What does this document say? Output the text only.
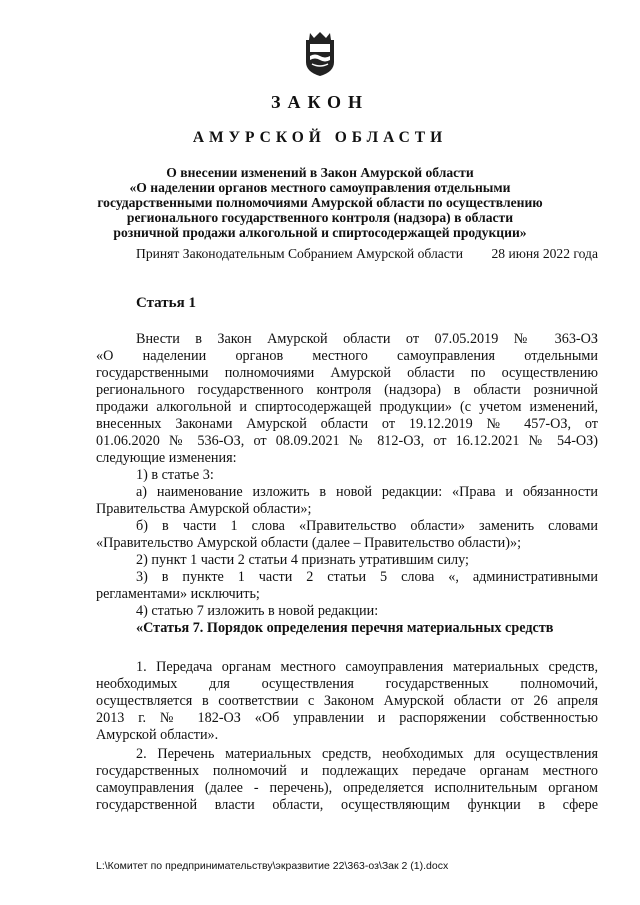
ЗАКОН
АМУРСКОЙ ОБЛАСТИ
О внесении изменений в Закон Амурской области
«О наделении органов местного самоуправления отдельными
государственными полномочиями Амурской области по осуществлению
регионального государственного контроля (надзора) в области
розничной продажи алкогольной и спиртосодержащей продукции»
Принят Законодательным Собранием Амурской области 28 июня 2022 года
Статья 1
Внести в Закон Амурской области от 07.05.2019 № 363-ОЗ
«О наделении органов местного самоуправления отдельными
государственными полномочиями Амурской области по осуществлению
регионального государственного контроля (надзора) в области розничной
продажи алкогольной и спиртосодержащей продукции» (с учетом изменений,
внесенных Законами Амурской области от 19.12.2019 № 457-ОЗ, от
01.06.2020 № 536-ОЗ, от 08.09.2021 № 812-ОЗ, от 16.12.2021 № 54-ОЗ)
следующие изменения:
1) в статье 3:
а) наименование изложить в новой редакции: «Права и обязанности
Правительства Амурской области»;
б) в части 1 слова «Правительство области» заменить словами
«Правительство Амурской области (далее – Правительство области)»;
2) пункт 1 части 2 статьи 4 признать утратившим силу;
3) в пункте 1 части 2 статьи 5 слова «, административными
регламентами» исключить;
4) статью 7 изложить в новой редакции:
«Статья 7. Порядок определения перечня материальных средств
1. Передача органам местного самоуправления материальных средств,
необходимых для осуществления государственных полномочий,
осуществляется в соответствии с Законом Амурской области от 26 апреля
2013 г. № 182-ОЗ «Об управлении и распоряжении собственностью
Амурской области».
2. Перечень материальных средств, необходимых для осуществления
государственных полномочий и подлежащих передаче органам местного
самоуправления (далее - перечень), определяется исполнительным органом
государственной власти области, осуществляющим функции в сфере
L:\Комитет по предпринимательству\экразвитие 22\363-оз\Зак 2 (1).docx
